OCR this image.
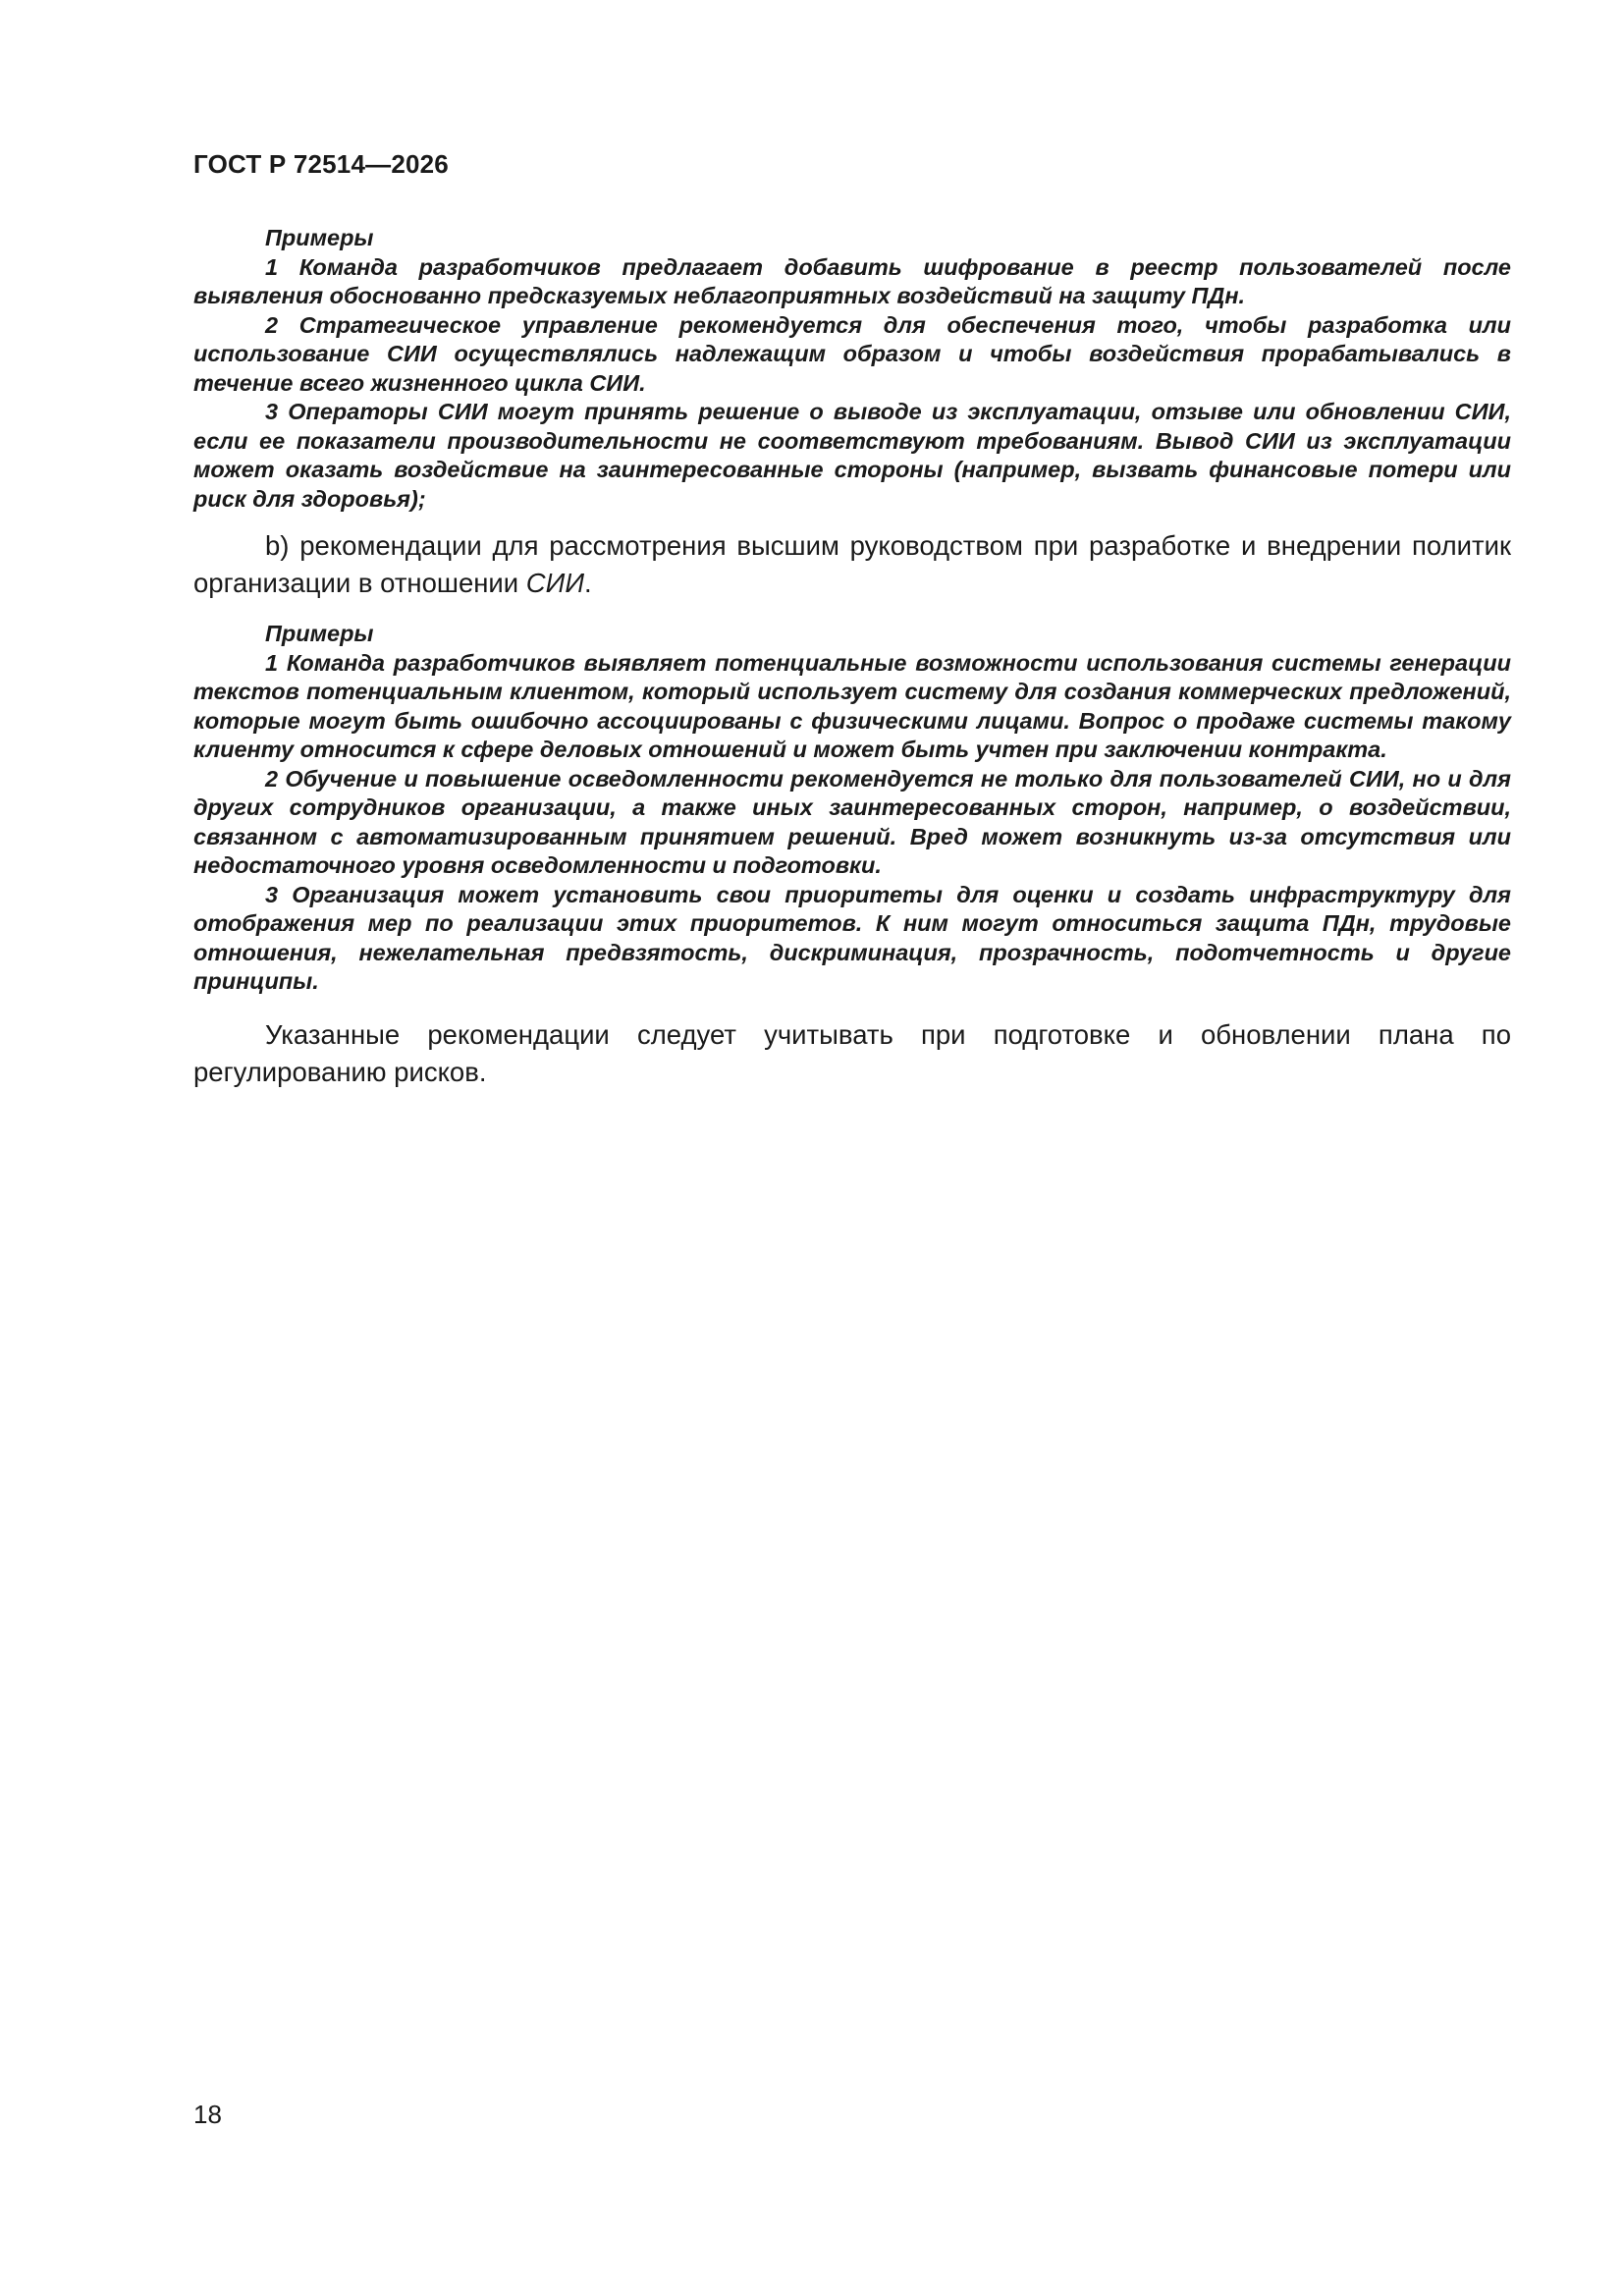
ГОСТ Р 72514—2026

Примеры

1 Команда разработчиков предлагает добавить шифрование в реестр пользователей после выявления обоснованно предсказуемых неблагоприятных воздействий на защиту ПДн.

2 Стратегическое управление рекомендуется для обеспечения того, чтобы разработка или использование СИИ осуществлялись надлежащим образом и чтобы воздействия прорабатывались в течение всего жизненного цикла СИИ.

3 Операторы СИИ могут принять решение о выводе из эксплуатации, отзыве или обновлении СИИ, если ее показатели производительности не соответствуют требованиям. Вывод СИИ из эксплуатации может оказать воздействие на заинтересованные стороны (например, вызвать финансовые потери или риск для здоровья);

b) рекомендации для рассмотрения высшим руководством при разработке и внедрении политик организации в отношении СИИ.

Примеры

1 Команда разработчиков выявляет потенциальные возможности использования системы генерации текстов потенциальным клиентом, который использует систему для создания коммерческих предложений, которые могут быть ошибочно ассоциированы с физическими лицами. Вопрос о продаже системы такому клиенту относится к сфере деловых отношений и может быть учтен при заключении контракта.

2 Обучение и повышение осведомленности рекомендуется не только для пользователей СИИ, но и для других сотрудников организации, а также иных заинтересованных сторон, например, о воздействии, связанном с автоматизированным принятием решений. Вред может возникнуть из-за отсутствия или недостаточного уровня осведомленности и подготовки.

3 Организация может установить свои приоритеты для оценки и создать инфраструктуру для отображения мер по реализации этих приоритетов. К ним могут относиться защита ПДн, трудовые отношения, нежелательная предвзятость, дискриминация, прозрачность, подотчетность и другие принципы.

Указанные рекомендации следует учитывать при подготовке и обновлении плана по регулированию рисков.

18
